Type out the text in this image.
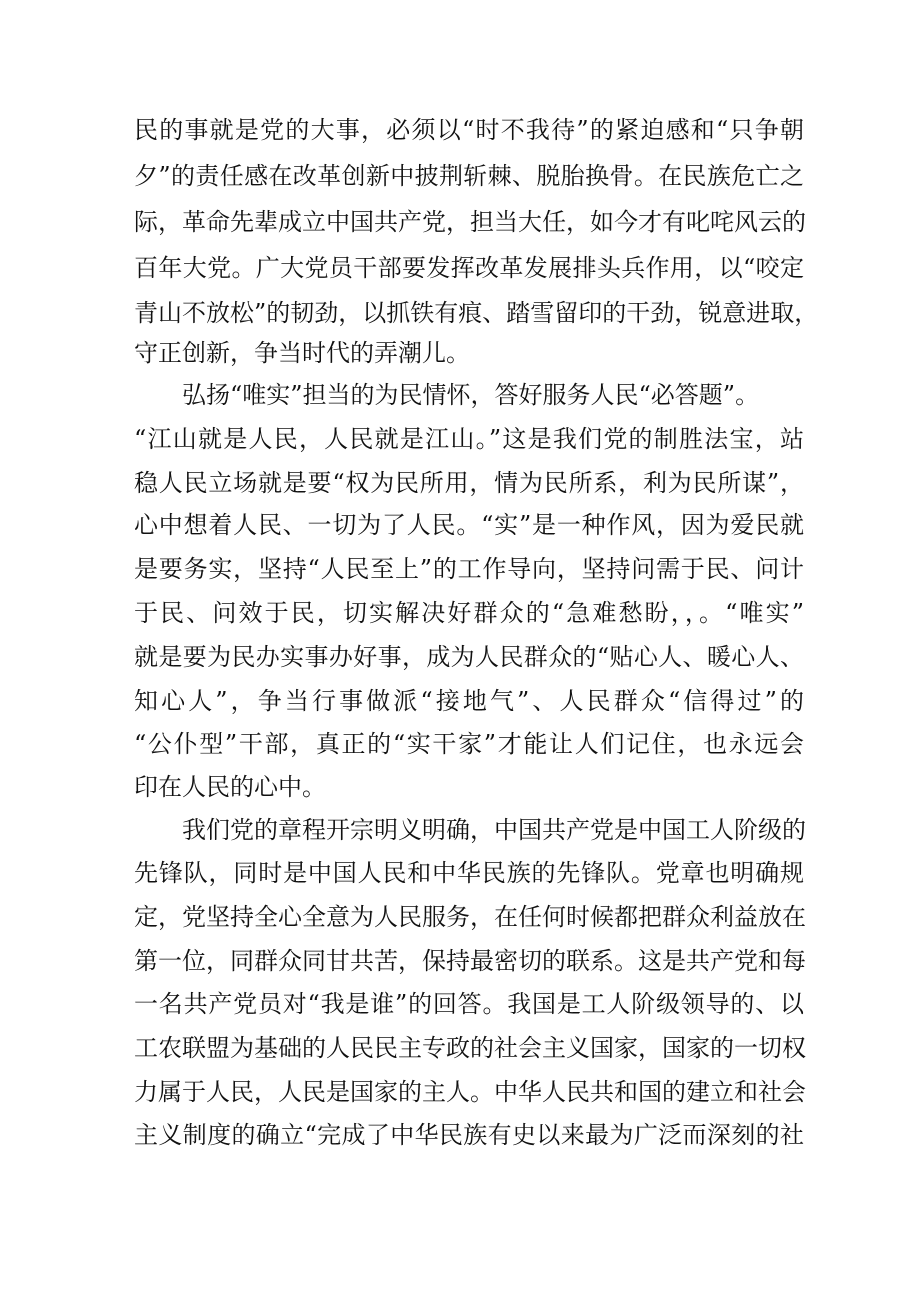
民的事就是党的大事，必须以“时不我待”的紧迫感和“只争朝
夕”的责任感在改革创新中披荆斩棘、脱胎换骨。在民族危亡之
际，革命先辈成立中国共产党，担当大任，如今才有叱咤风云的
百年大党。广大党员干部要发挥改革发展排头兵作用，以“咬定
青山不放松”的韧劲，以抓铁有痕、踏雪留印的干劲，锐意进取，
守正创新，争当时代的弄潮儿。
弘扬“唯实”担当的为民情怀，答好服务人民“必答题”。
“江山就是人民，人民就是江山。”这是我们党的制胜法宝，站
稳人民立场就是要“权为民所用，情为民所系，利为民所谋”，
心中想着人民、一切为了人民。“实”是一种作风，因为爱民就
是要务实，坚持“人民至上”的工作导向，坚持问需于民、问计
于民、问效于民，切实解决好群众的“急难愁盼，，。“唯实”
就是要为民办实事办好事，成为人民群众的“贴心人、暖心人、
知心人”，争当行事做派“接地气”、人民群众“信得过”的
“公仆型”干部，真正的“实干家”才能让人们记住，也永远会
印在人民的心中。
我们党的章程开宗明义明确，中国共产党是中国工人阶级的
先锋队，同时是中国人民和中华民族的先锋队。党章也明确规
定，党坚持全心全意为人民服务，在任何时候都把群众利益放在
第一位，同群众同甘共苦，保持最密切的联系。这是共产党和每
一名共产党员对“我是谁”的回答。我国是工人阶级领导的、以
工农联盟为基础的人民民主专政的社会主义国家，国家的一切权
力属于人民，人民是国家的主人。中华人民共和国的建立和社会
主义制度的确立“完成了中华民族有史以来最为广泛而深刻的社
